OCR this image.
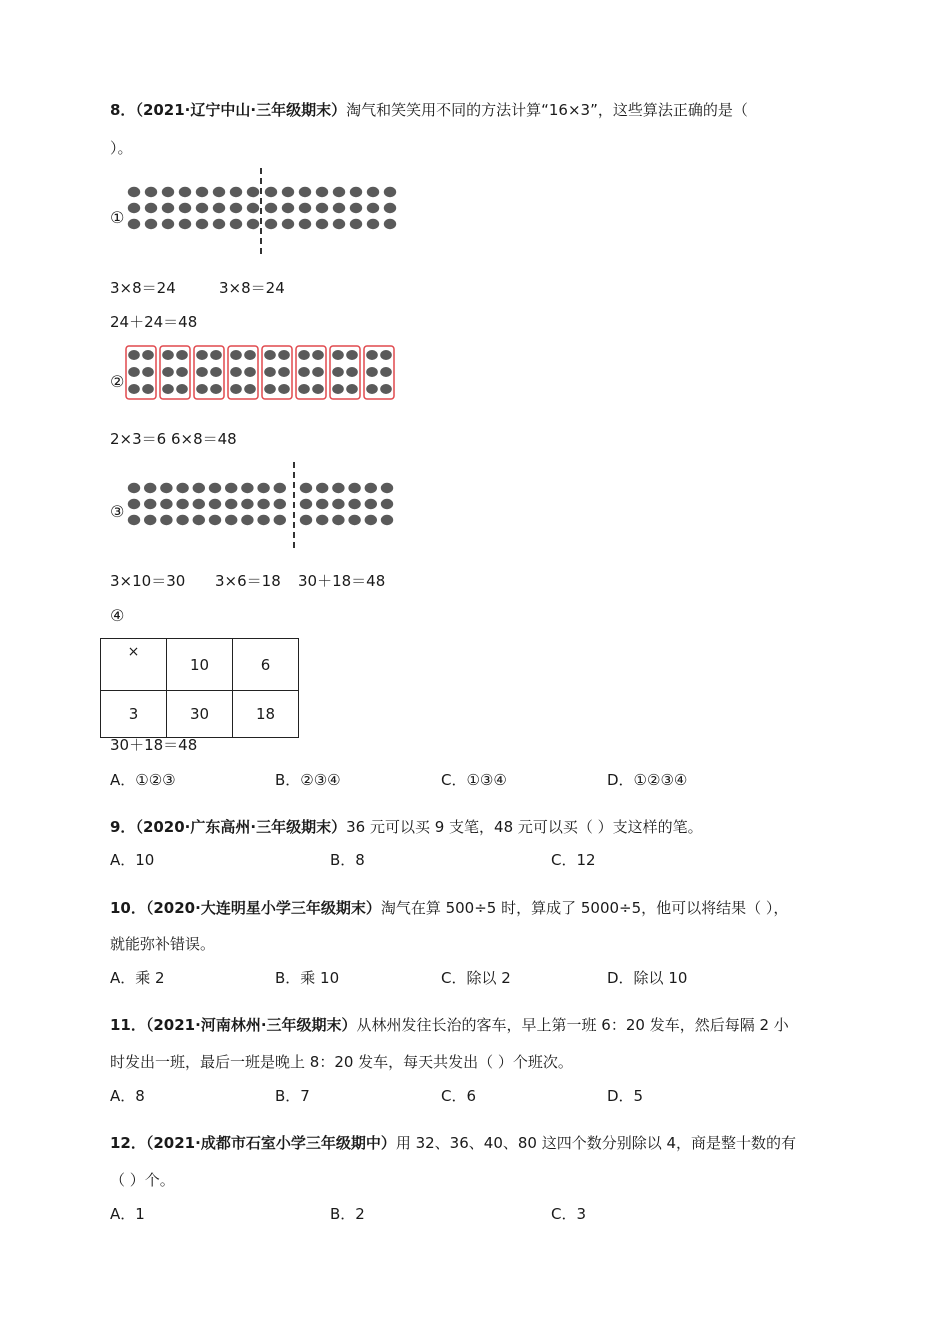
8．（2021·辽宁中山·三年级期末）淘气和笑笑用不同的方法计算“16×3”，这些算法正确的是（
）。
①
3×8＝24	3×8＝24
24＋24＝48
②
2×3＝6 6×8＝48
③
3×10＝30 3×6＝18 30＋18＝48
④
×	10	6
3	30	18
30＋18＝48
A．①②③	B．②③④	C．①③④	D．①②③④
9．（2020·广东高州·三年级期末）36 元可以买 9 支笔，48 元可以买（ ）支这样的笔。
A．10	B．8	C．12
10．（2020·大连明星小学三年级期末）淘气在算 500÷5 时，算成了 5000÷5，他可以将结果（ ），
就能弥补错误。
A．乘 2	B．乘 10	C．除以 2	D．除以 10
11．（2021·河南林州·三年级期末）从林州发往长治的客车，早上第一班 6：20 发车，然后每隔 2 小
时发出一班，最后一班是晚上 8：20 发车，每天共发出（ ）个班次。
A．8	B．7	C．6	D．5
12．（2021·成都市石室小学三年级期中）用 32、36、40、80 这四个数分别除以 4，商是整十数的有
（ ）个。
A．1	B．2	C．3
